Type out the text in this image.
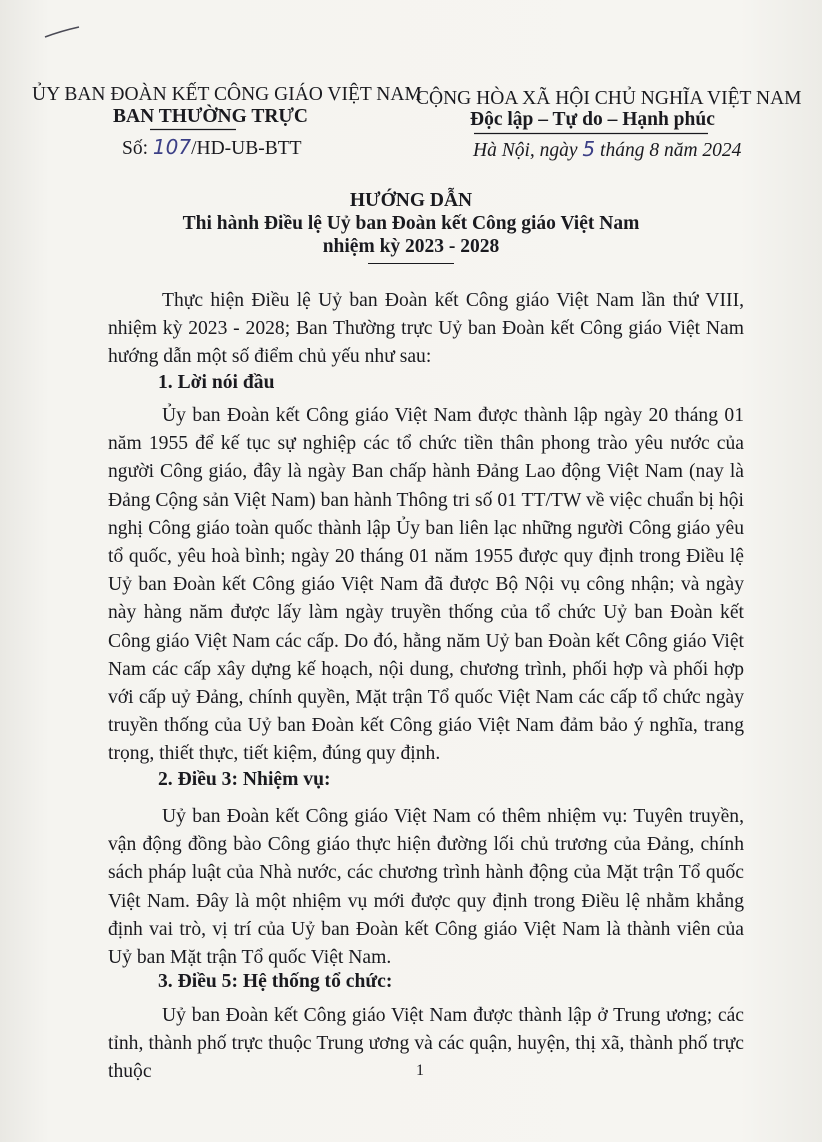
ỦY BAN ĐOÀN KẾT CÔNG GIÁO VIỆT NAM
BAN THƯỜNG TRỰC
Số: 107/HD-UB-BTT
CỘNG HÒA XÃ HỘI CHỦ NGHĨA VIỆT NAM
Độc lập – Tự do – Hạnh phúc
Hà Nội, ngày 5 tháng 8 năm 2024
HƯỚNG DẪN
Thi hành Điều lệ Uỷ ban Đoàn kết Công giáo Việt Nam
nhiệm kỳ 2023 - 2028
Thực hiện Điều lệ Uỷ ban Đoàn kết Công giáo Việt Nam lần thứ VIII, nhiệm kỳ 2023 - 2028; Ban Thường trực Uỷ ban Đoàn kết Công giáo Việt Nam hướng dẫn một số điểm chủ yếu như sau:
1. Lời nói đầu
Ủy ban Đoàn kết Công giáo Việt Nam được thành lập ngày 20 tháng 01 năm 1955 để kế tục sự nghiệp các tổ chức tiền thân phong trào yêu nước của người Công giáo, đây là ngày Ban chấp hành Đảng Lao động Việt Nam (nay là Đảng Cộng sản Việt Nam) ban hành Thông tri số 01 TT/TW về việc chuẩn bị hội nghị Công giáo toàn quốc thành lập Ủy ban liên lạc những người Công giáo yêu tổ quốc, yêu hoà bình; ngày 20 tháng 01 năm 1955 được quy định trong Điều lệ Uỷ ban Đoàn kết Công giáo Việt Nam đã được Bộ Nội vụ công nhận; và ngày này hàng năm được lấy làm ngày truyền thống của tổ chức Uỷ ban Đoàn kết Công giáo Việt Nam các cấp. Do đó, hằng năm Uỷ ban Đoàn kết Công giáo Việt Nam các cấp xây dựng kế hoạch, nội dung, chương trình, phối hợp và phối hợp với cấp uỷ Đảng, chính quyền, Mặt trận Tổ quốc Việt Nam các cấp tổ chức ngày truyền thống của Uỷ ban Đoàn kết Công giáo Việt Nam đảm bảo ý nghĩa, trang trọng, thiết thực, tiết kiệm, đúng quy định.
2. Điều 3: Nhiệm vụ:
Uỷ ban Đoàn kết Công giáo Việt Nam có thêm nhiệm vụ: Tuyên truyền, vận động đồng bào Công giáo thực hiện đường lối chủ trương của Đảng, chính sách pháp luật của Nhà nước, các chương trình hành động của Mặt trận Tổ quốc Việt Nam. Đây là một nhiệm vụ mới được quy định trong Điều lệ nhằm khẳng định vai trò, vị trí của Uỷ ban Đoàn kết Công giáo Việt Nam là thành viên của Uỷ ban Mặt trận Tổ quốc Việt Nam.
3. Điều 5: Hệ thống tổ chức:
Uỷ ban Đoàn kết Công giáo Việt Nam được thành lập ở Trung ương; các tỉnh, thành phố trực thuộc Trung ương và các quận, huyện, thị xã, thành phố trực thuộc	1
